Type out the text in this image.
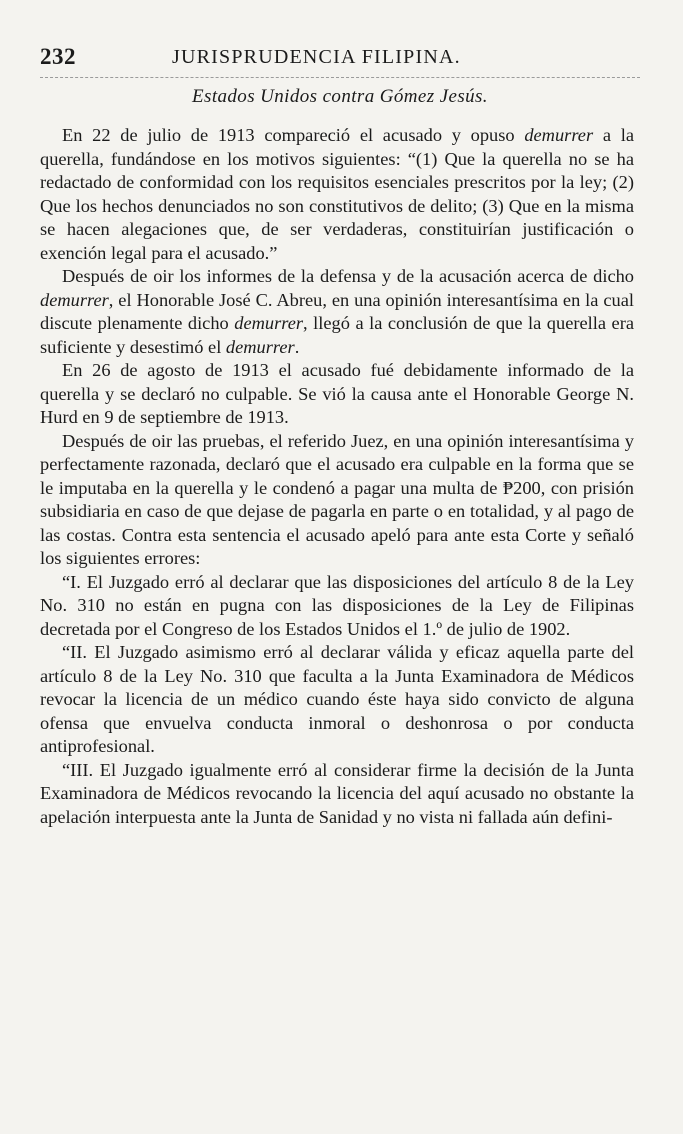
232	JURISPRUDENCIA FILIPINA.
Estados Unidos contra Gómez Jesús.

En 22 de julio de 1913 compareció el acusado y opuso demurrer a la querella, fundándose en los motivos siguientes: “(1) Que la querella no se ha redactado de conformidad con los requisitos esenciales prescritos por la ley; (2) Que los hechos denunciados no son constitutivos de delito; (3) Que en la misma se hacen alegaciones que, de ser verdaderas, constituirían justificación o exención legal para el acusado.”

Después de oir los informes de la defensa y de la acusación acerca de dicho demurrer, el Honorable José C. Abreu, en una opinión interesantísima en la cual discute plenamente dicho demurrer, llegó a la conclusión de que la querella era suficiente y desestimó el demurrer.

En 26 de agosto de 1913 el acusado fué debidamente informado de la querella y se declaró no culpable. Se vió la causa ante el Honorable George N. Hurd en 9 de septiembre de 1913.

Después de oir las pruebas, el referido Juez, en una opinión interesantísima y perfectamente razonada, declaró que el acusado era culpable en la forma que se le imputaba en la querella y le condenó a pagar una multa de ₱200, con prisión subsidiaria en caso de que dejase de pagarla en parte o en totalidad, y al pago de las costas. Contra esta sentencia el acusado apeló para ante esta Corte y señaló los siguientes errores:

“I. El Juzgado erró al declarar que las disposiciones del artículo 8 de la Ley No. 310 no están en pugna con las disposiciones de la Ley de Filipinas decretada por el Congreso de los Estados Unidos el 1.º de julio de 1902.

“II. El Juzgado asimismo erró al declarar válida y eficaz aquella parte del artículo 8 de la Ley No. 310 que faculta a la Junta Examinadora de Médicos revocar la licencia de un médico cuando éste haya sido convicto de alguna ofensa que envuelva conducta inmoral o deshonrosa o por conducta antiprofesional.

“III. El Juzgado igualmente erró al considerar firme la decisión de la Junta Examinadora de Médicos revocando la licencia del aquí acusado no obstante la apelación interpuesta ante la Junta de Sanidad y no vista ni fallada aún defini-
